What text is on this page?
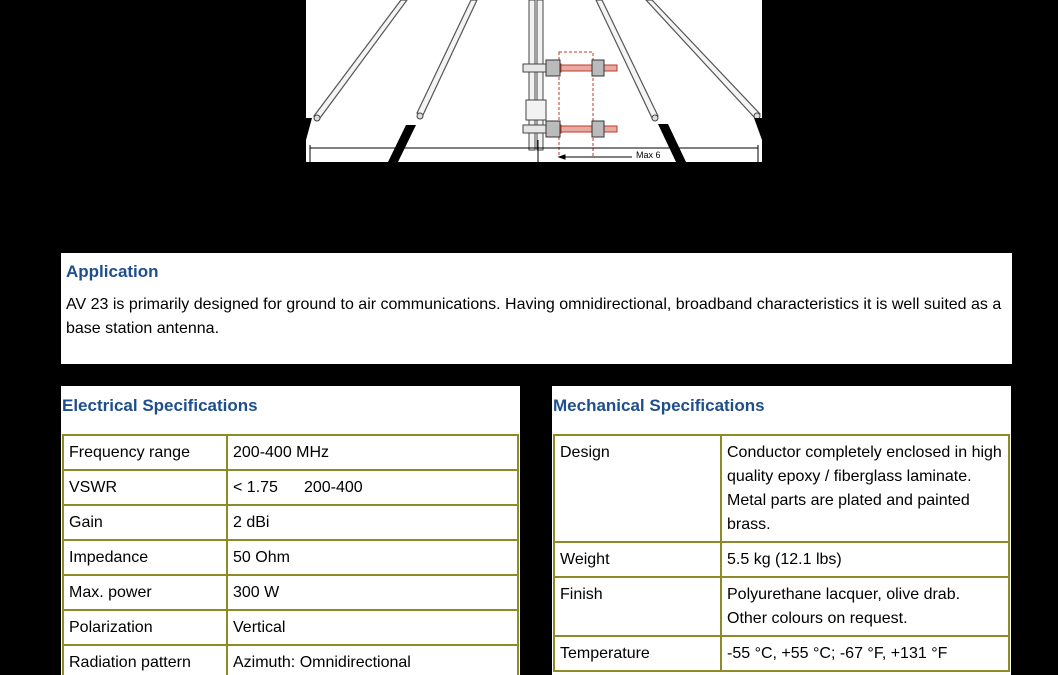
Max 6
Application

AV 23 is primarily designed for ground to air communications. Having omnidirectional, broadband characteristics it is well suited as a base station antenna.

Electrical Specifications
Frequency range	200-400 MHz
VSWR	< 1.75 200-400
Gain	2 dBi
Impedance	50 Ohm
Max. power	300 W
Polarization	Vertical
Radiation pattern	Azimuth: Omnidirectional
Mechanical Specifications
Design	Conductor completely enclosed in high quality epoxy / fiberglass laminate. Metal parts are plated and painted brass.
Weight	5.5 kg (12.1 lbs)
Finish	Polyurethane lacquer, olive drab. Other colours on request.
Temperature	-55 °C, +55 °C; -67 °F, +131 °F
